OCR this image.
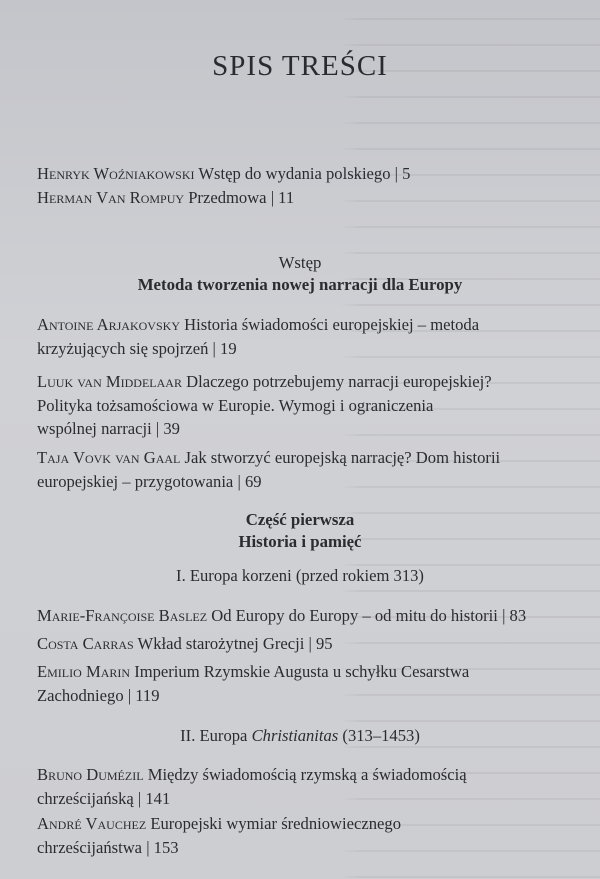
SPIS TREŚCI
Henryk Woźniakowski Wstęp do wydania polskiego | 5
Herman Van Rompuy Przedmowa | 11
Wstęp
Metoda tworzenia nowej narracji dla Europy
Antoine Arjakovsky Historia świadomości europejskiej – metoda
krzyżujących się spojrzeń | 19
Luuk van Middelaar Dlaczego potrzebujemy narracji europejskiej?
Polityka tożsamościowa w Europie. Wymogi i ograniczenia
wspólnej narracji | 39
Taja Vovk van Gaal Jak stworzyć europejską narrację? Dom historii
europejskiej – przygotowania | 69
Część pierwsza
Historia i pamięć
I. Europa korzeni (przed rokiem 313)
Marie-Françoise Baslez Od Europy do Europy – od mitu do historii | 83
Costa Carras Wkład starożytnej Grecji | 95
Emilio Marin Imperium Rzymskie Augusta u schyłku Cesarstwa
Zachodniego | 119
II. Europa Christianitas (313–1453)
Bruno Dumézil Między świadomością rzymską a świadomością
chrześcijańską | 141
André Vauchez Europejski wymiar średniowiecznego
chrześcijaństwa | 153
